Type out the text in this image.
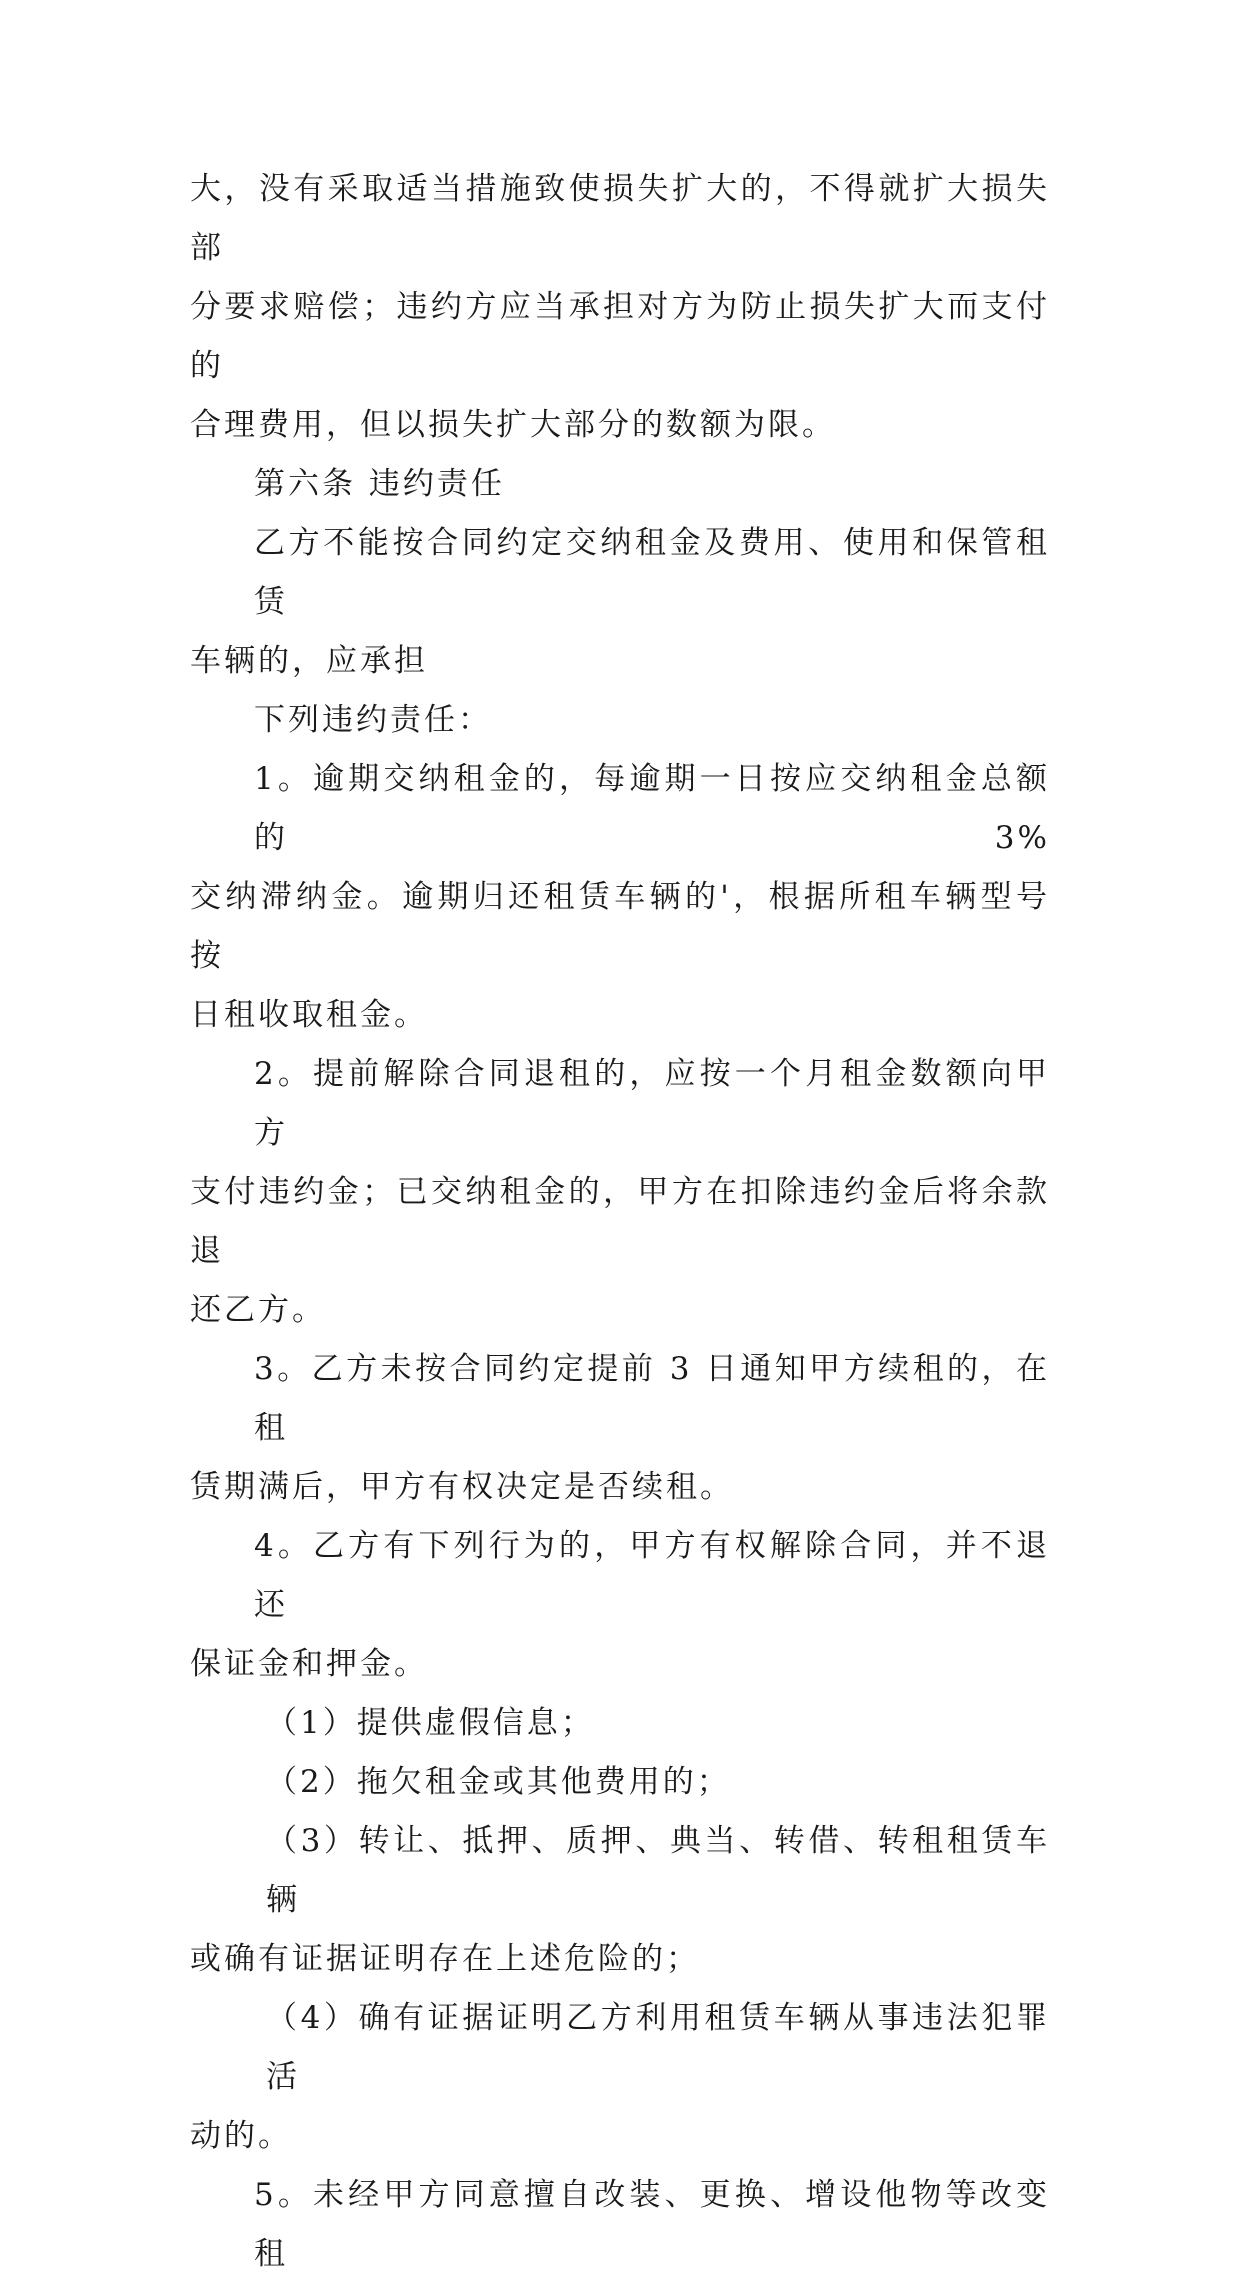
大，没有采取适当措施致使损失扩大的，不得就扩大损失部
分要求赔偿；违约方应当承担对方为防止损失扩大而支付的
合理费用，但以损失扩大部分的数额为限。
第六条 违约责任
乙方不能按合同约定交纳租金及费用、使用和保管租赁
车辆的，应承担
下列违约责任：
1。逾期交纳租金的，每逾期一日按应交纳租金总额的 3%
交纳滞纳金。逾期归还租赁车辆的'，根据所租车辆型号按
日租收取租金。
2。提前解除合同退租的，应按一个月租金数额向甲方
支付违约金；已交纳租金的，甲方在扣除违约金后将余款退
还乙方。
3。乙方未按合同约定提前 3 日通知甲方续租的，在租
赁期满后，甲方有权决定是否续租。
4。乙方有下列行为的，甲方有权解除合同，并不退还
保证金和押金。
（1）提供虚假信息；
（2）拖欠租金或其他费用的；
（3）转让、抵押、质押、典当、转借、转租租赁车辆
或确有证据证明存在上述危险的；
（4）确有证据证明乙方利用租赁车辆从事违法犯罪活
动的。
5。未经甲方同意擅自改装、更换、增设他物等改变租
